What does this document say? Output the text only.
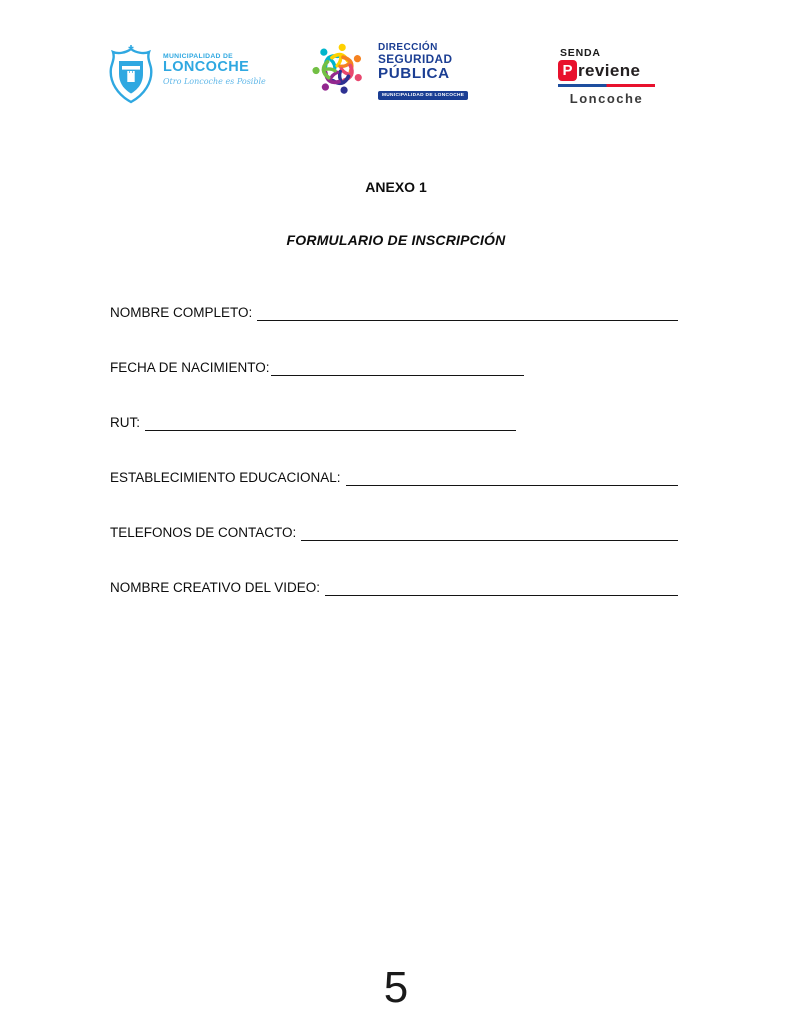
MUNICIPALIDAD DE
LONCOCHE
Otro Loncoche es Posible
DIRECCIÓN
SEGURIDAD
PÚBLICA
MUNICIPALIDAD DE LONCOCHE
SENDA
P reviene
Loncoche
ANEXO 1
FORMULARIO DE INSCRIPCIÓN
NOMBRE COMPLETO:
FECHA DE NACIMIENTO:
RUT:
ESTABLECIMIENTO EDUCACIONAL:
TELEFONOS DE CONTACTO:
NOMBRE CREATIVO DEL VIDEO:
5
